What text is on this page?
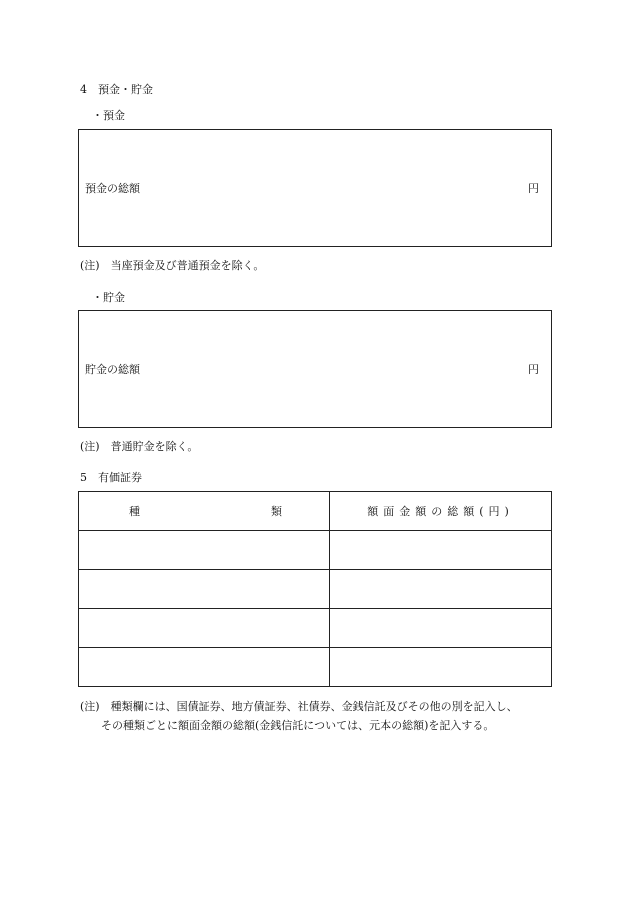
4　預金・貯金
・預金
預金の総額	円
(注)　当座預金及び普通預金を除く。
・貯金
貯金の総額	円
(注)　普通貯金を除く。
5　有価証券
種 類	額面金額の総額(円)

(注)　種類欄には、国債証券、地方債証券、社債券、金銭信託及びその他の別を記入し、
その種類ごとに額面金額の総額(金銭信託については、元本の総額)を記入する。
